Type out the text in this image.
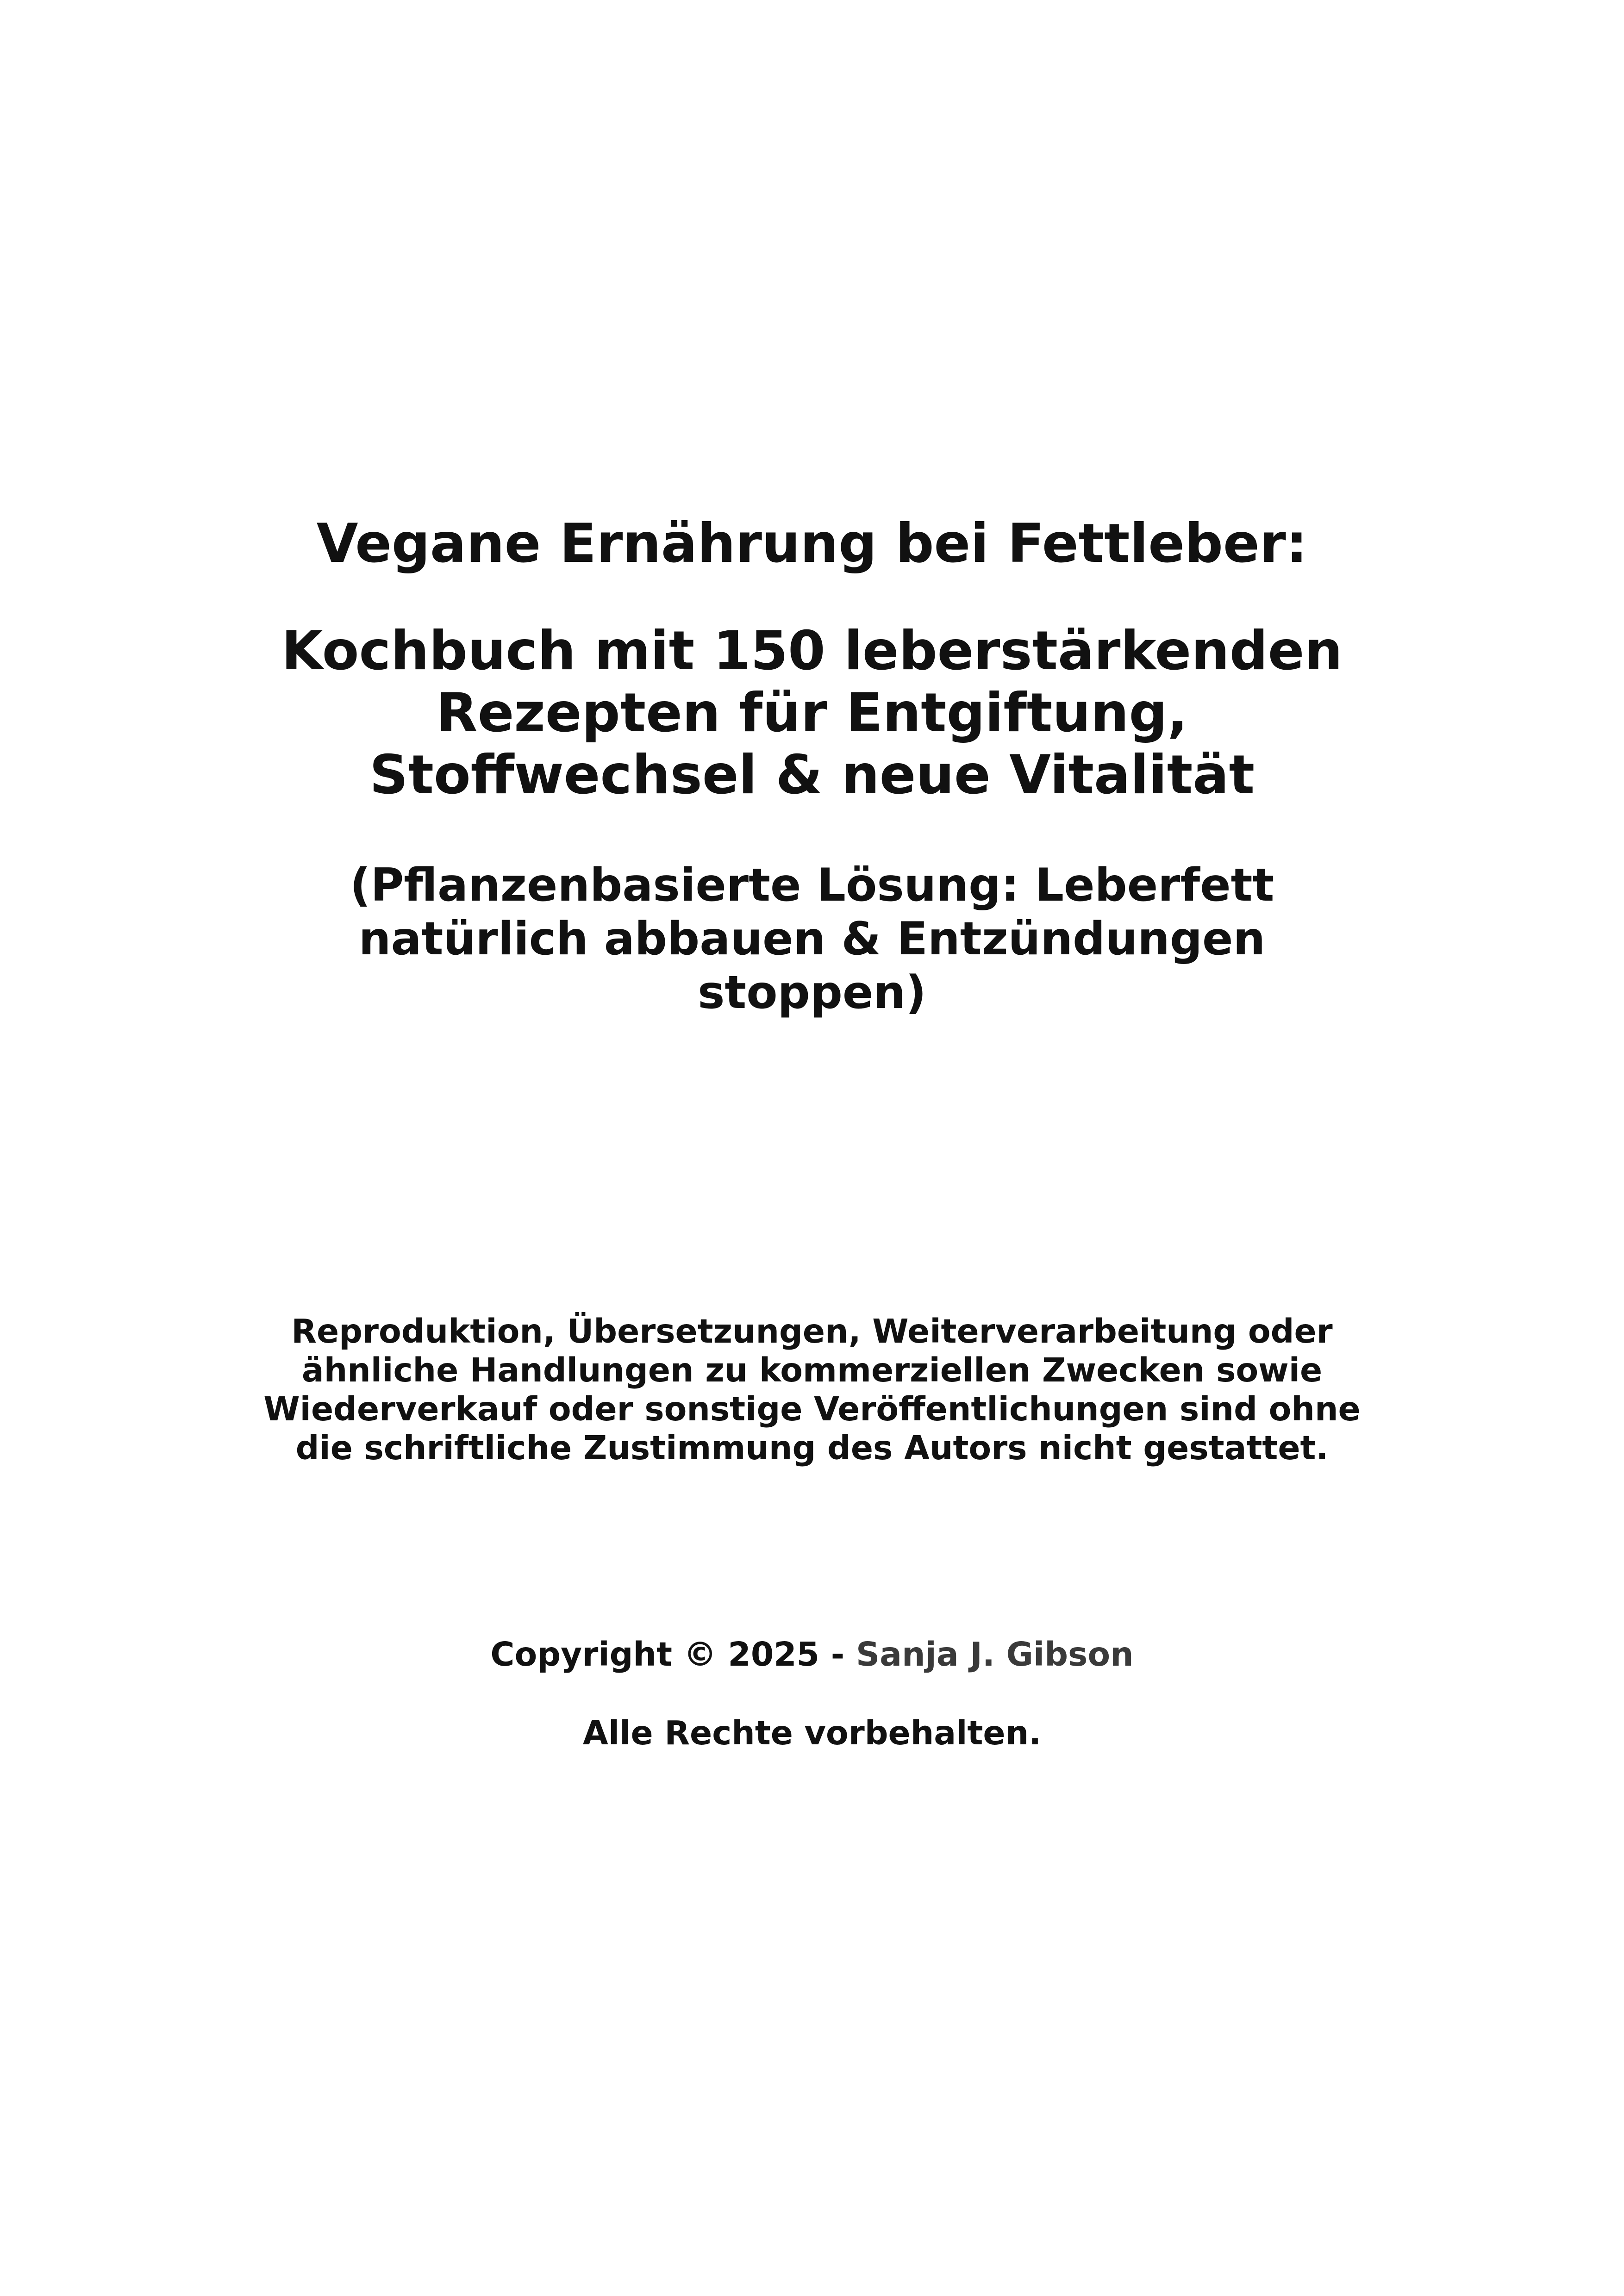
Vegane Ernährung bei Fettleber:
Kochbuch mit 150 leberstärkenden
Rezepten für Entgiftung,
Stoffwechsel & neue Vitalität
(Pflanzenbasierte Lösung: Leberfett
natürlich abbauen & Entzündungen
stoppen)

Reproduktion, Übersetzungen, Weiterverarbeitung oder
ähnliche Handlungen zu kommerziellen Zwecken sowie
Wiederverkauf oder sonstige Veröffentlichungen sind ohne
die schriftliche Zustimmung des Autors nicht gestattet.

Copyright © 2025 - Sanja J. Gibson

Alle Rechte vorbehalten.
